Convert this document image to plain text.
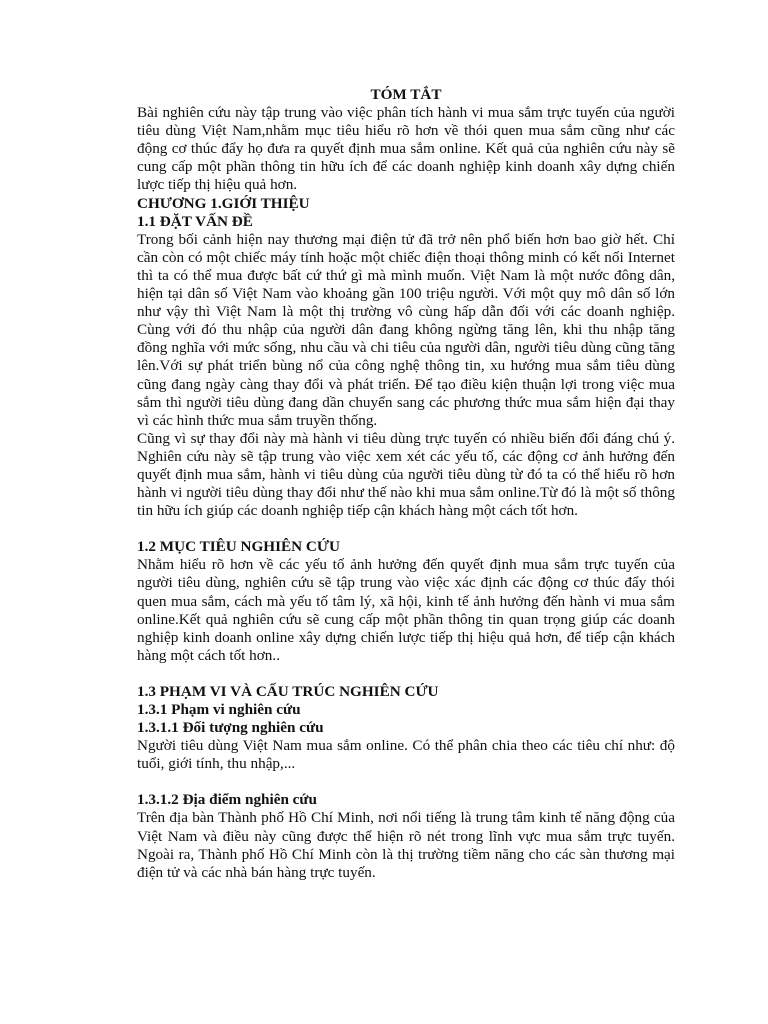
TÓM TẮT

Bài nghiên cứu này tập trung vào việc phân tích hành vi mua sắm trực tuyến của người tiêu dùng Việt Nam,nhằm mục tiêu hiểu rõ hơn về thói quen mua sắm cũng như các động cơ thúc đẩy họ đưa ra quyết định mua sắm online. Kết quả của nghiên cứu này sẽ cung cấp một phần thông tin hữu ích để các doanh nghiệp kinh doanh xây dựng chiến lược tiếp thị hiệu quả hơn.

CHƯƠNG 1.GIỚI THIỆU

1.1 ĐẶT VẤN ĐỀ

Trong bối cảnh hiện nay thương mại điện tử đã trở nên phổ biến hơn bao giờ hết. Chỉ cần còn có một chiếc máy tính hoặc một chiếc điện thoại thông minh có kết nối Internet thì ta có thể mua được bất cứ thứ gì mà mình muốn. Việt Nam là một nước đông dân, hiện tại dân số Việt Nam vào khoảng gần 100 triệu người. Với một quy mô dân số lớn như vậy thì Việt Nam là một thị trường vô cùng hấp dẫn đối với các doanh nghiệp. Cùng với đó thu nhập của người dân đang không ngừng tăng lên, khi thu nhập tăng đồng nghĩa với mức sống, nhu cầu và chi tiêu của người dân, người tiêu dùng cũng tăng lên.Với sự phát triển bùng nổ của công nghệ thông tin, xu hướng mua sắm tiêu dùng cũng đang ngày càng thay đổi và phát triển. Để tạo điều kiện thuận lợi trong việc mua sắm thì người tiêu dùng đang dần chuyển sang các phương thức mua sắm hiện đại thay vì các hình thức mua sắm truyền thống.

Cũng vì sự thay đổi này mà hành vi tiêu dùng trực tuyến có nhiều biến đổi đáng chú ý. Nghiên cứu này sẽ tập trung vào việc xem xét các yếu tố, các động cơ ảnh hưởng đến quyết định mua sắm, hành vi tiêu dùng của người tiêu dùng từ đó ta có thể hiểu rõ hơn hành vi người tiêu dùng thay đổi như thế nào khi mua sắm online.Từ đó là một số thông tin hữu ích giúp các doanh nghiệp tiếp cận khách hàng một cách tốt hơn.

1.2 MỤC TIÊU NGHIÊN CỨU

Nhằm hiểu rõ hơn về các yếu tố ảnh hưởng đến quyết định mua sắm trực tuyến của người tiêu dùng, nghiên cứu sẽ tập trung vào việc xác định các động cơ thúc đẩy thói quen mua sắm, cách mà yếu tố tâm lý, xã hội, kinh tế ảnh hưởng đến hành vi mua sắm online.Kết quả nghiên cứu sẽ cung cấp một phần thông tin quan trọng giúp các doanh nghiệp kinh doanh online xây dựng chiến lược tiếp thị hiệu quả hơn, để tiếp cận khách hàng một cách tốt hơn..

1.3 PHẠM VI VÀ CẤU TRÚC NGHIÊN CỨU

1.3.1 Phạm vi nghiên cứu

1.3.1.1 Đối tượng nghiên cứu

Người tiêu dùng Việt Nam mua sắm online. Có thể phân chia theo các tiêu chí như: độ tuổi, giới tính, thu nhập,...

1.3.1.2 Địa điểm nghiên cứu

Trên địa bàn Thành phố Hồ Chí Minh, nơi nổi tiếng là trung tâm kinh tế năng động của Việt Nam và điều này cũng được thể hiện rõ nét trong lĩnh vực mua sắm trực tuyến. Ngoài ra, Thành phố Hồ Chí Minh còn là thị trường tiềm năng cho các sàn thương mại điện tử và các nhà bán hàng trực tuyến.
